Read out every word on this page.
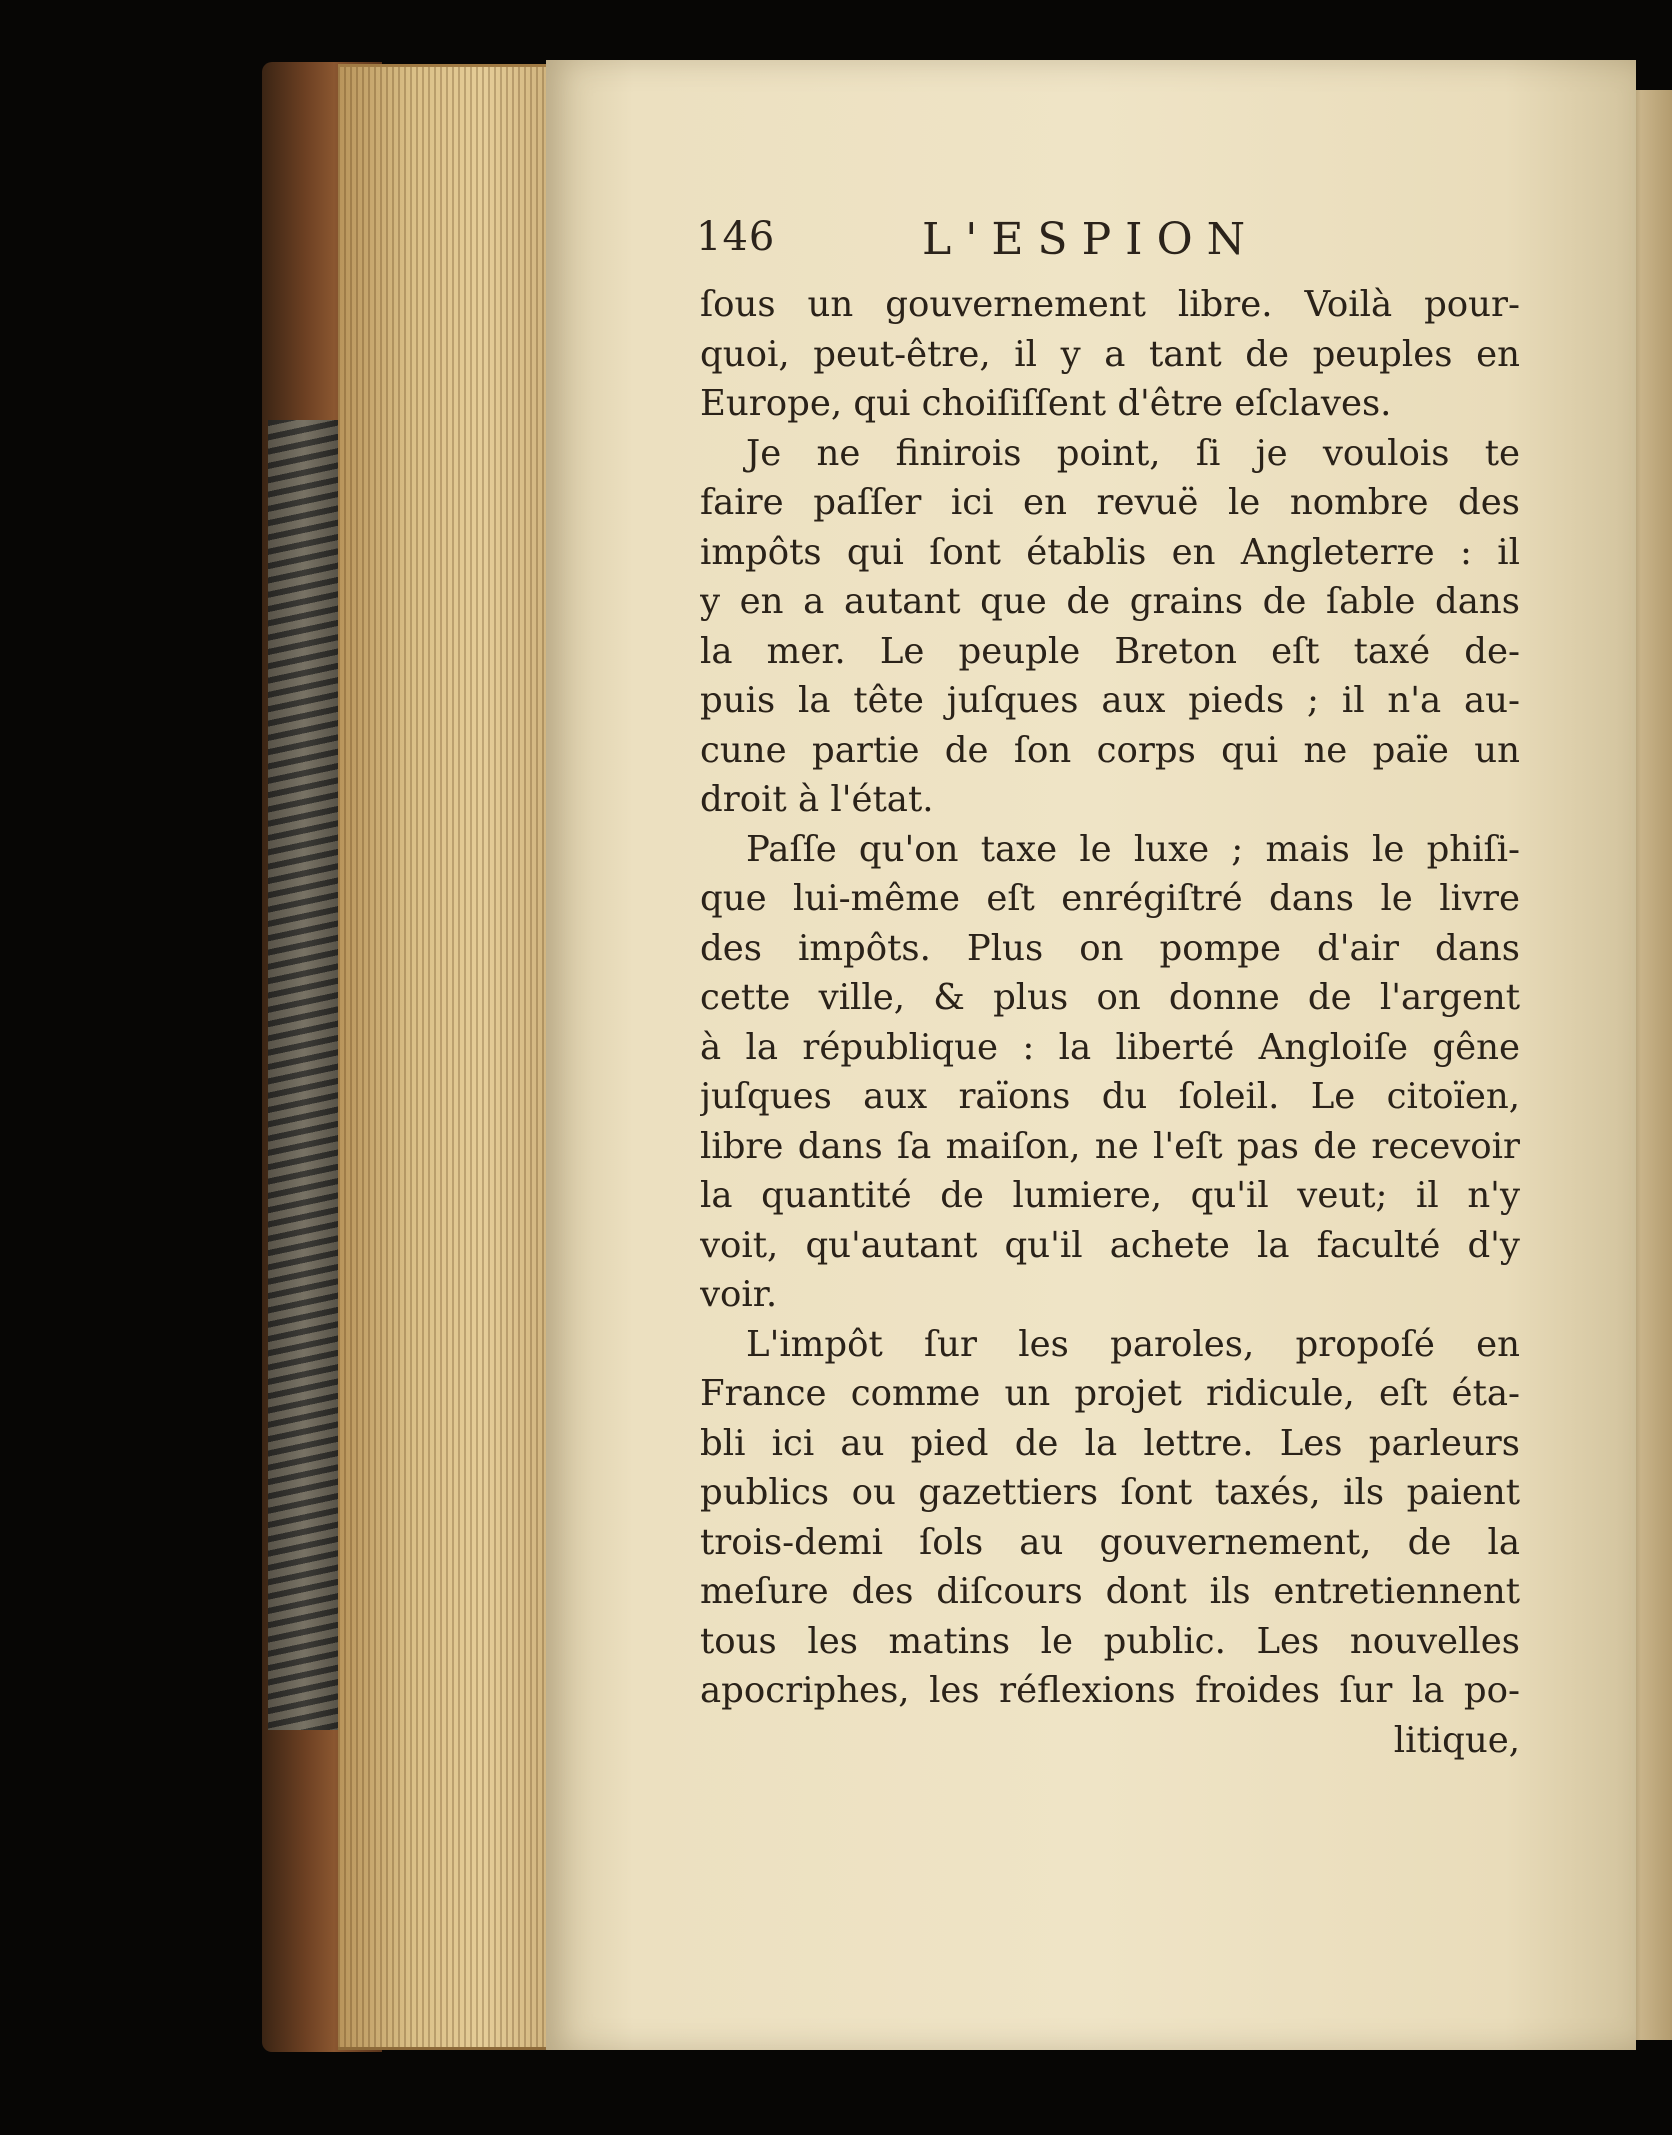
146	L'ESPION
ſous un gouvernement libre. Voilà pour-
quoi, peut-être, il y a tant de peuples en
Europe, qui choiſiſſent d'être eſclaves.
Je ne finirois point, ſi je voulois te
faire paſſer ici en revuë le nombre des
impôts qui ſont établis en Angleterre : il
y en a autant que de grains de ſable dans
la mer. Le peuple Breton eſt taxé de-
puis la tête juſques aux pieds ; il n'a au-
cune partie de ſon corps qui ne païe un
droit à l'état.
Paſſe qu'on taxe le luxe ; mais le phiſi-
que lui-même eſt enrégiſtré dans le livre
des impôts. Plus on pompe d'air dans
cette ville, & plus on donne de l'argent
à la république : la liberté Angloiſe gêne
juſques aux raïons du ſoleil. Le citoïen,
libre dans ſa maiſon, ne l'eſt pas de recevoir
la quantité de lumiere, qu'il veut; il n'y
voit, qu'autant qu'il achete la faculté d'y
voir.
L'impôt ſur les paroles, propoſé en
France comme un projet ridicule, eſt éta-
bli ici au pied de la lettre. Les parleurs
publics ou gazettiers ſont taxés, ils paient
trois-demi ſols au gouvernement, de la
meſure des diſcours dont ils entretiennent
tous les matins le public. Les nouvelles
apocriphes, les réflexions froides ſur la po-
litique,
